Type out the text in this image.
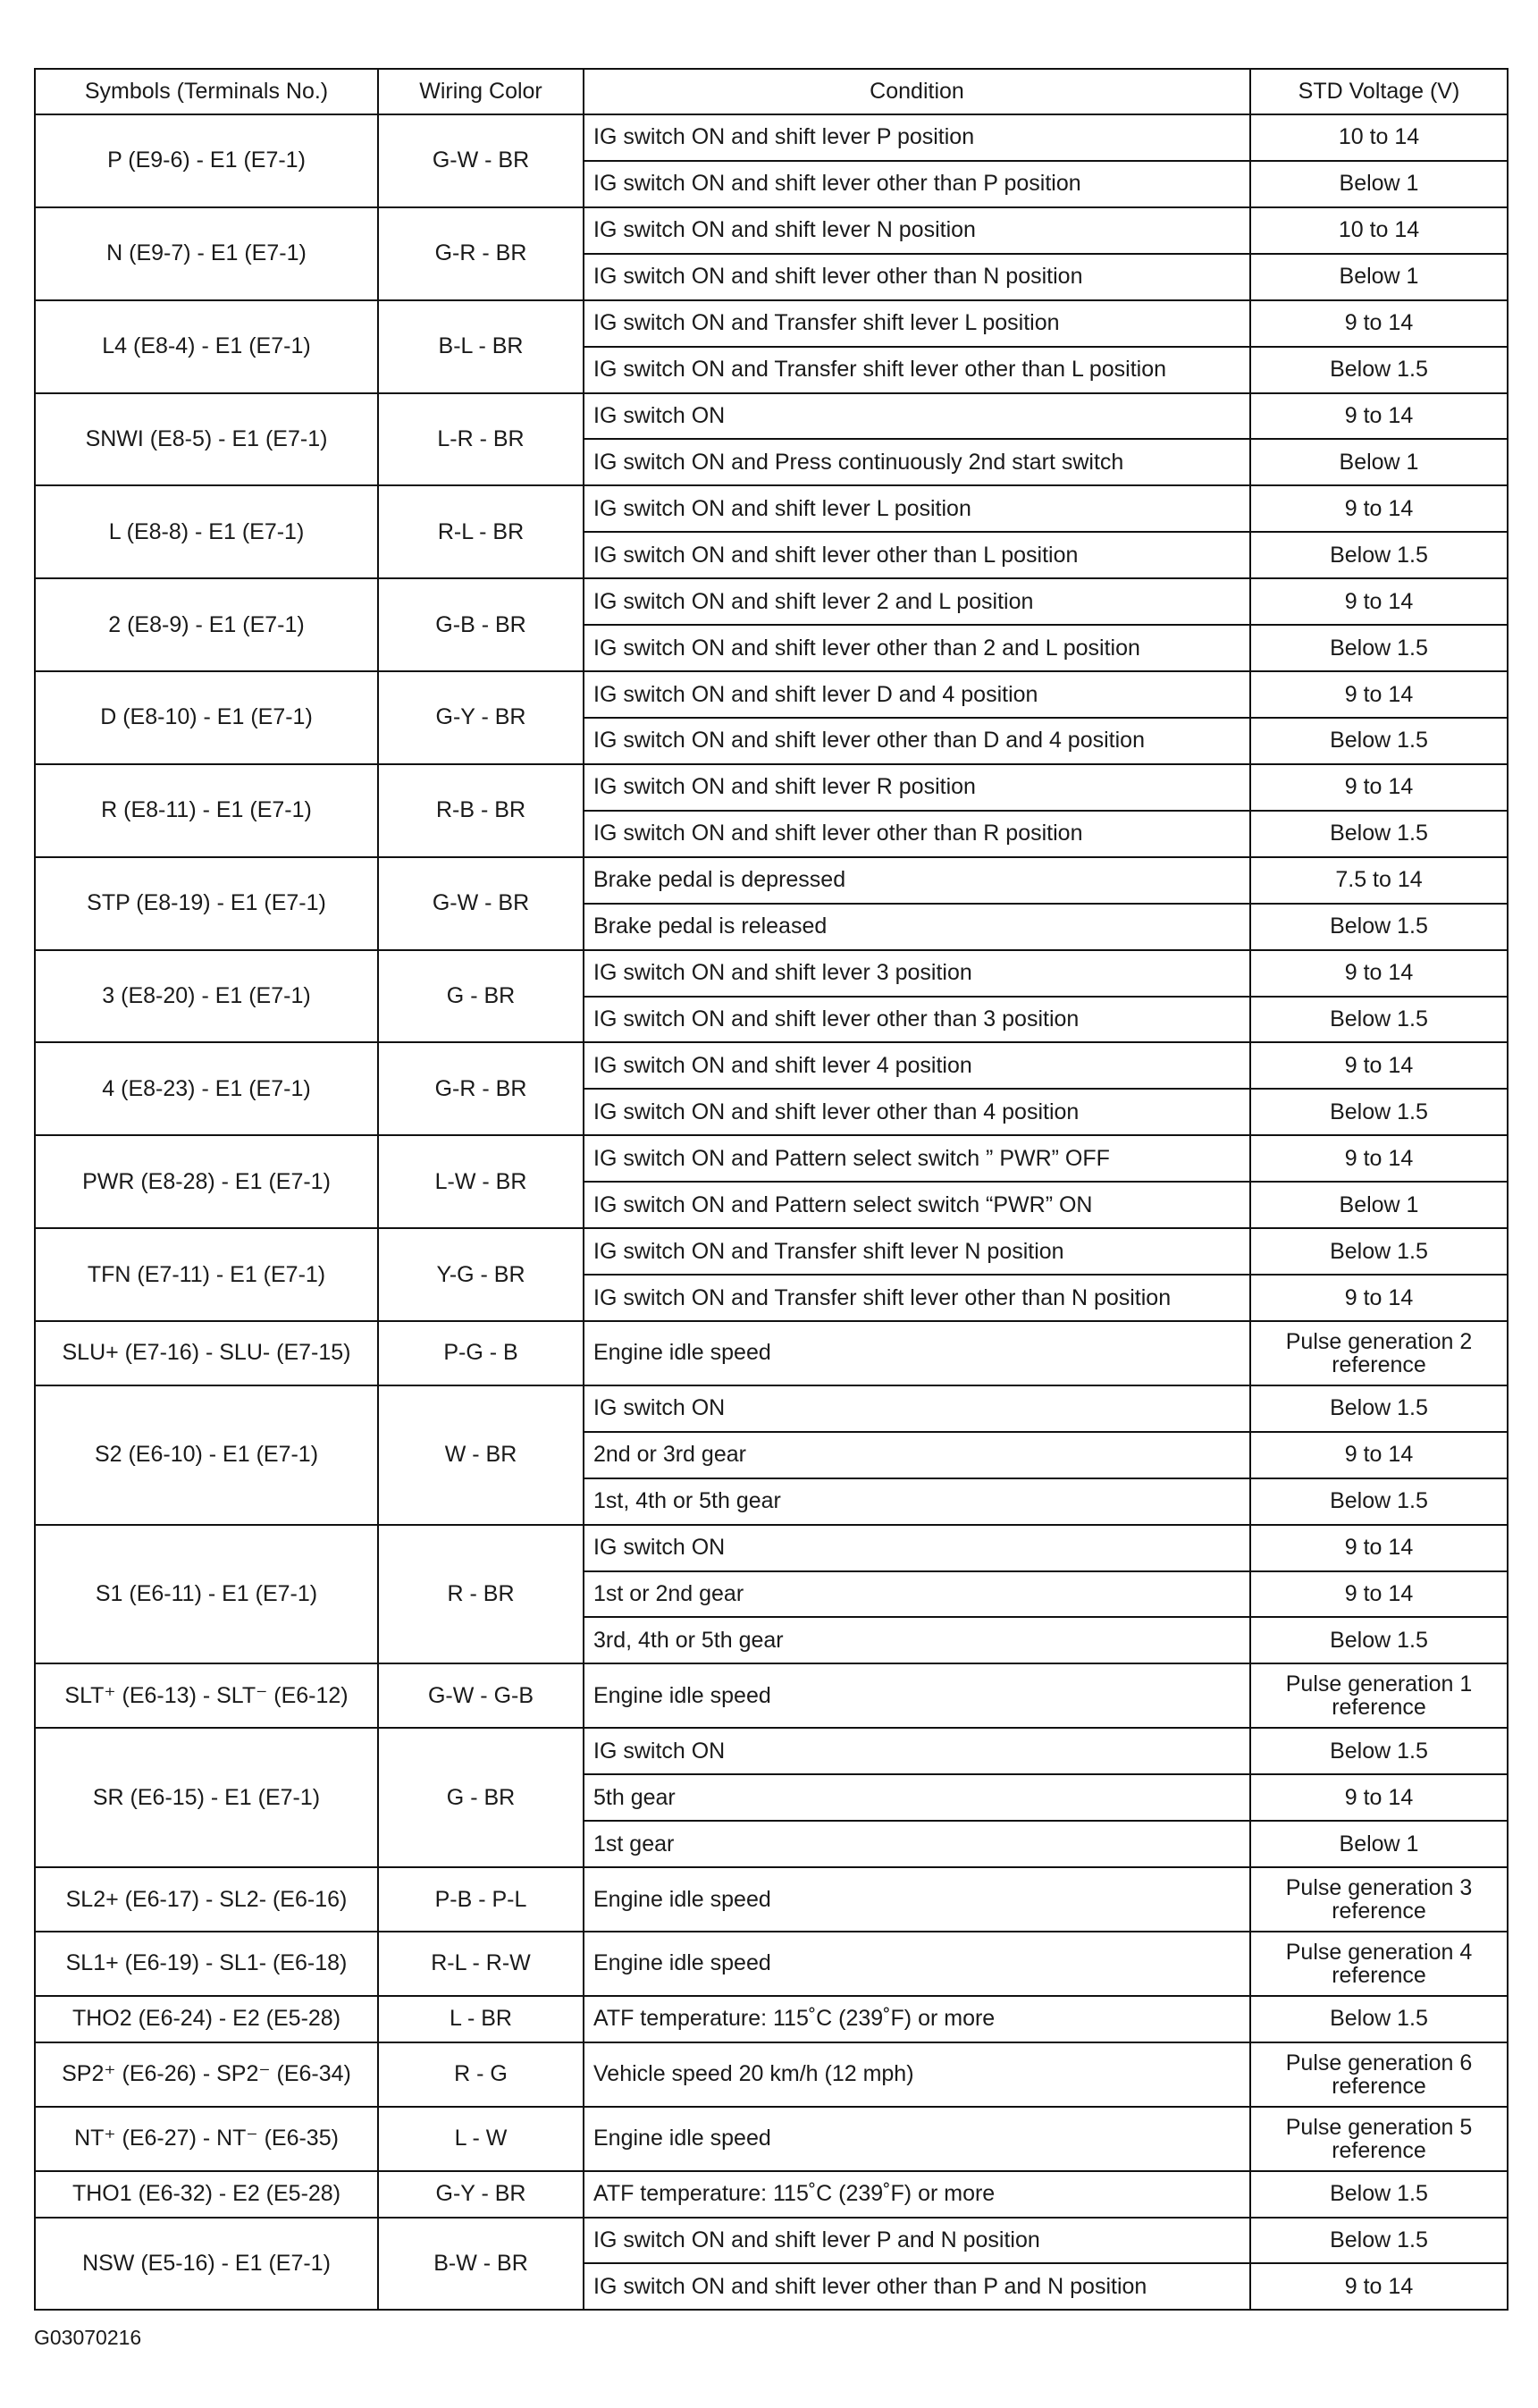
Symbols (Terminals No.)	Wiring Color	Condition	STD Voltage (V)
P (E9-6) - E1 (E7-1)	G-W - BR	IG switch ON and shift lever P position	10 to 14
		IG switch ON and shift lever other than P position	Below 1
N (E9-7) - E1 (E7-1)	G-R - BR	IG switch ON and shift lever N position	10 to 14
		IG switch ON and shift lever other than N position	Below 1
L4 (E8-4) - E1 (E7-1)	B-L - BR	IG switch ON and Transfer shift lever L position	9 to 14
		IG switch ON and Transfer shift lever other than L position	Below 1.5
SNWI (E8-5) - E1 (E7-1)	L-R - BR	IG switch ON	9 to 14
		IG switch ON and Press continuously 2nd start switch	Below 1
L (E8-8) - E1 (E7-1)	R-L - BR	IG switch ON and shift lever L position	9 to 14
		IG switch ON and shift lever other than L position	Below 1.5
2 (E8-9) - E1 (E7-1)	G-B - BR	IG switch ON and shift lever 2 and L position	9 to 14
		IG switch ON and shift lever other than 2 and L position	Below 1.5
D (E8-10) - E1 (E7-1)	G-Y - BR	IG switch ON and shift lever D and 4 position	9 to 14
		IG switch ON and shift lever other than D and 4 position	Below 1.5
R (E8-11) - E1 (E7-1)	R-B - BR	IG switch ON and shift lever R position	9 to 14
		IG switch ON and shift lever other than R position	Below 1.5
STP (E8-19) - E1 (E7-1)	G-W - BR	Brake pedal is depressed	7.5 to 14
		Brake pedal is released	Below 1.5
3 (E8-20) - E1 (E7-1)	G - BR	IG switch ON and shift lever 3 position	9 to 14
		IG switch ON and shift lever other than 3 position	Below 1.5
4 (E8-23) - E1 (E7-1)	G-R - BR	IG switch ON and shift lever 4 position	9 to 14
		IG switch ON and shift lever other than 4 position	Below 1.5
PWR (E8-28) - E1 (E7-1)	L-W - BR	IG switch ON and Pattern select switch ” PWR” OFF	9 to 14
		IG switch ON and Pattern select switch “PWR” ON	Below 1
TFN (E7-11) - E1 (E7-1)	Y-G - BR	IG switch ON and Transfer shift lever N position	Below 1.5
		IG switch ON and Transfer shift lever other than N position	9 to 14
SLU+ (E7-16) - SLU- (E7-15)	P-G - B	Engine idle speed	Pulse generation 2 reference
S2 (E6-10) - E1 (E7-1)	W - BR	IG switch ON	Below 1.5
		2nd or 3rd gear	9 to 14
		1st, 4th or 5th gear	Below 1.5
S1 (E6-11) - E1 (E7-1)	R - BR	IG switch ON	9 to 14
		1st or 2nd gear	9 to 14
		3rd, 4th or 5th gear	Below 1.5
SLT⁺ (E6-13) - SLT⁻ (E6-12)	G-W - G-B	Engine idle speed	Pulse generation 1 reference
SR (E6-15) - E1 (E7-1)	G - BR	IG switch ON	Below 1.5
		5th gear	9 to 14
		1st gear	Below 1
SL2+ (E6-17) - SL2- (E6-16)	P-B - P-L	Engine idle speed	Pulse generation 3 reference
SL1+ (E6-19) - SL1- (E6-18)	R-L - R-W	Engine idle speed	Pulse generation 4 reference
THO2 (E6-24) - E2 (E5-28)	L - BR	ATF temperature: 115˚C (239˚F) or more	Below 1.5
SP2⁺ (E6-26) - SP2⁻ (E6-34)	R - G	Vehicle speed 20 km/h (12 mph)	Pulse generation 6 reference
NT⁺ (E6-27) - NT⁻ (E6-35)	L - W	Engine idle speed	Pulse generation 5 reference
THO1 (E6-32) - E2 (E5-28)	G-Y - BR	ATF temperature: 115˚C (239˚F) or more	Below 1.5
NSW (E5-16) - E1 (E7-1)	B-W - BR	IG switch ON and shift lever P and N position	Below 1.5
		IG switch ON and shift lever other than P and N position	9 to 14
G03070216
